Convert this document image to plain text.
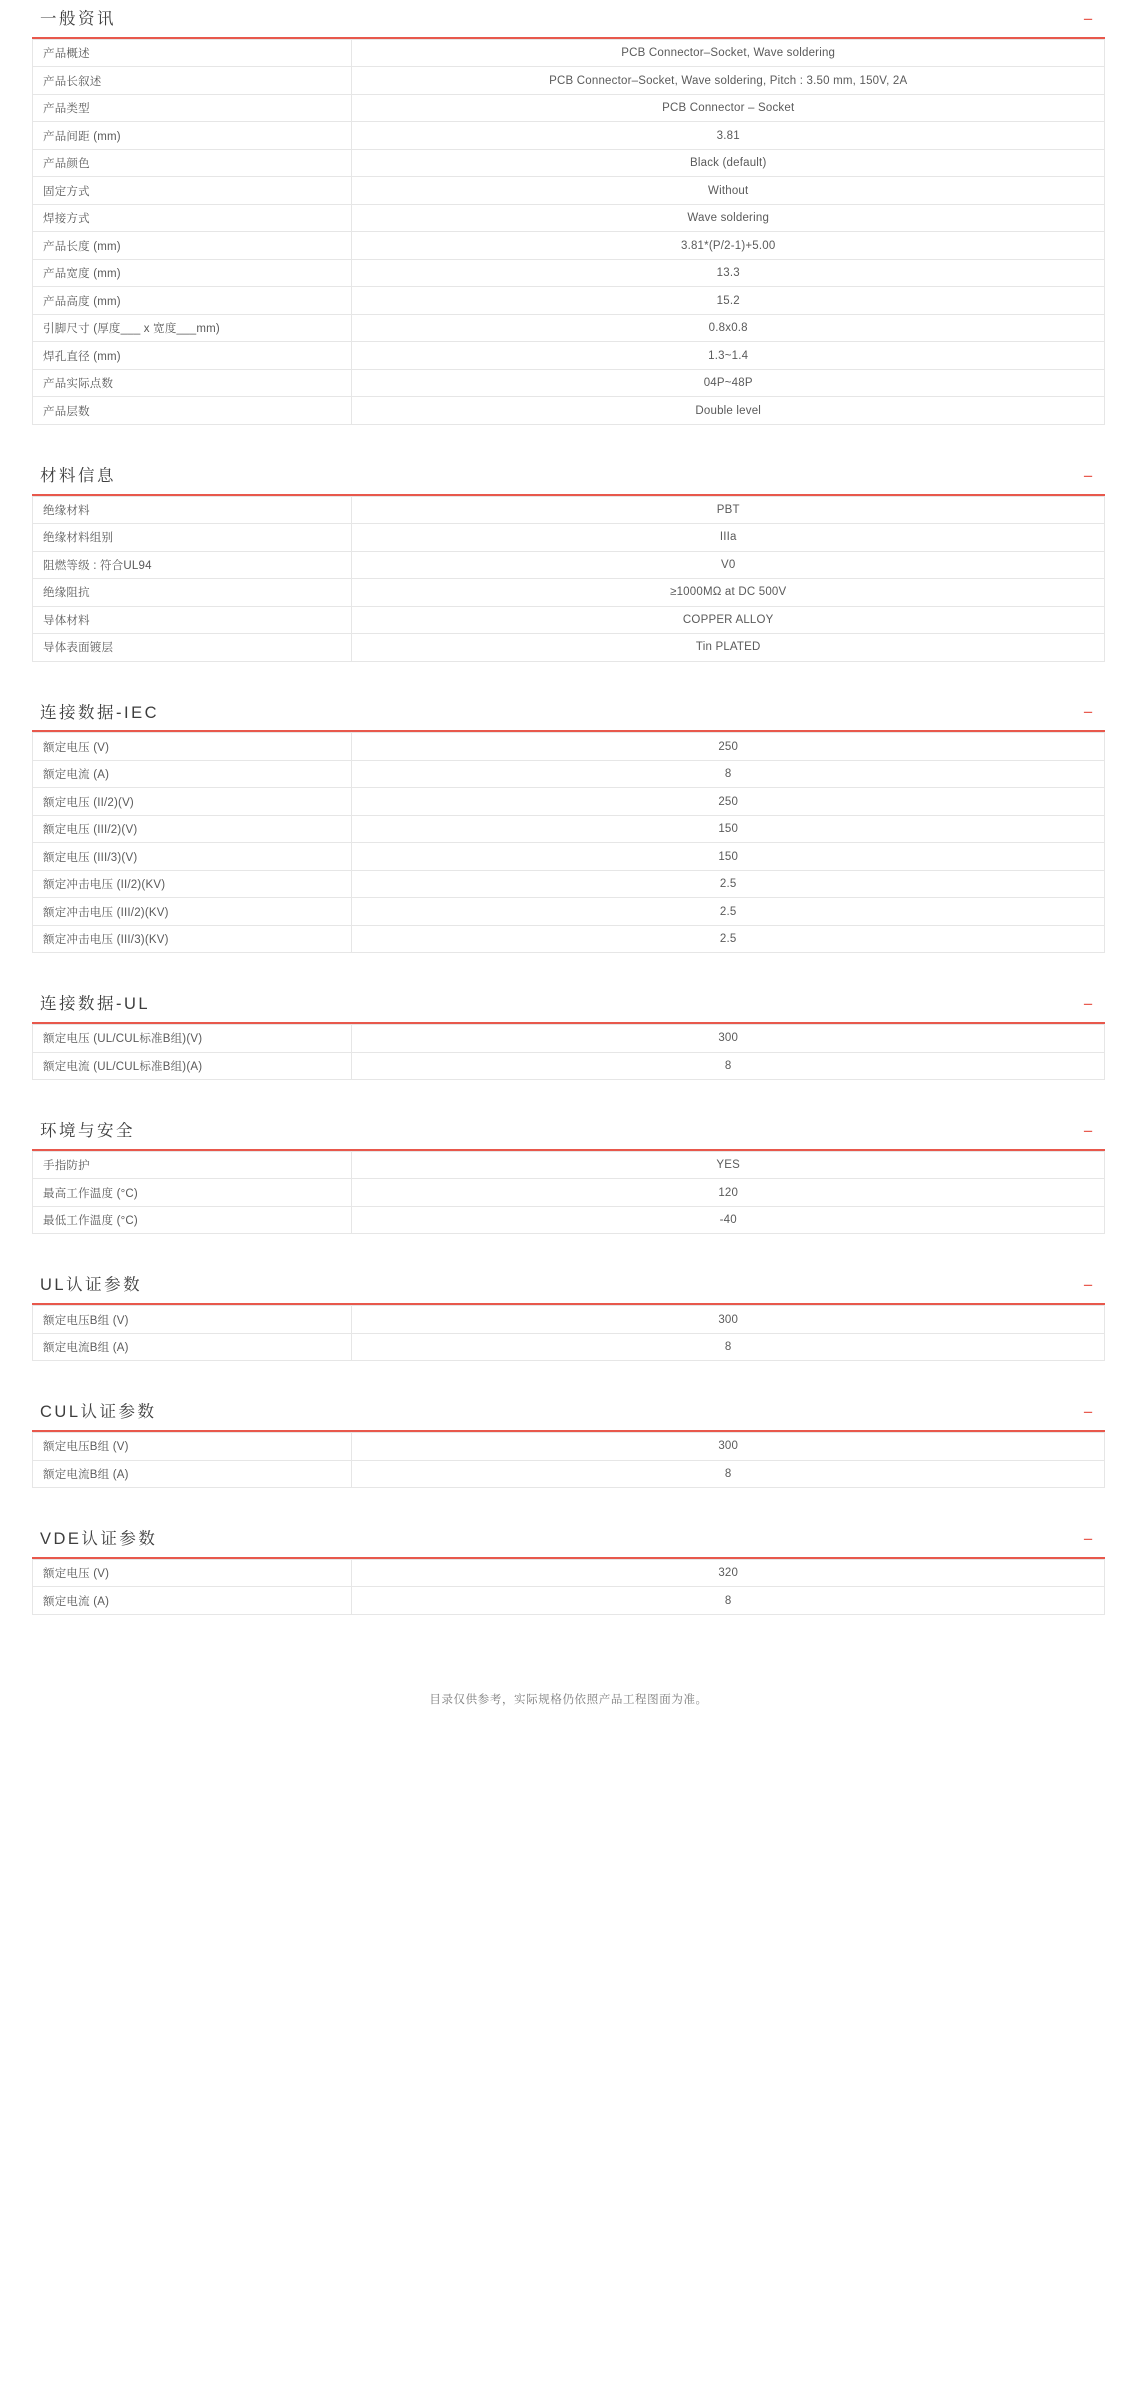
一般资讯	−
产品概述	PCB Connector–Socket, Wave soldering
产品长叙述	PCB Connector–Socket, Wave soldering, Pitch : 3.50 mm, 150V, 2A
产品类型	PCB Connector – Socket
产品间距 (mm)	3.81
产品颜色	Black (default)
固定方式	Without
焊接方式	Wave soldering
产品长度 (mm)	3.81*(P/2-1)+5.00
产品宽度 (mm)	13.3
产品高度 (mm)	15.2
引脚尺寸 (厚度___ x 宽度___mm)	0.8x0.8
焊孔直径 (mm)	1.3~1.4
产品实际点数	04P~48P
产品层数	Double level
材料信息	−
绝缘材料	PBT
绝缘材料组别	IIIa
阻燃等级 : 符合UL94	V0
绝缘阻抗	≥1000MΩ at DC 500V
导体材料	COPPER ALLOY
导体表面镀层	Tin PLATED
连接数据-IEC	−
额定电压 (V)	250
额定电流 (A)	8
额定电压 (II/2)(V)	250
额定电压 (III/2)(V)	150
额定电压 (III/3)(V)	150
额定冲击电压 (II/2)(KV)	2.5
额定冲击电压 (III/2)(KV)	2.5
额定冲击电压 (III/3)(KV)	2.5
连接数据-UL	−
额定电压 (UL/CUL标准B组)(V)	300
额定电流 (UL/CUL标准B组)(A)	8
环境与安全	−
手指防护	YES
最高工作温度 (°C)	120
最低工作温度 (°C)	-40
UL认证参数	−
额定电压B组 (V)	300
额定电流B组 (A)	8
CUL认证参数	−
额定电压B组 (V)	300
额定电流B组 (A)	8
VDE认证参数	−
额定电压 (V)	320
额定电流 (A)	8
目录仅供参考，实际规格仍依照产品工程图面为准。
